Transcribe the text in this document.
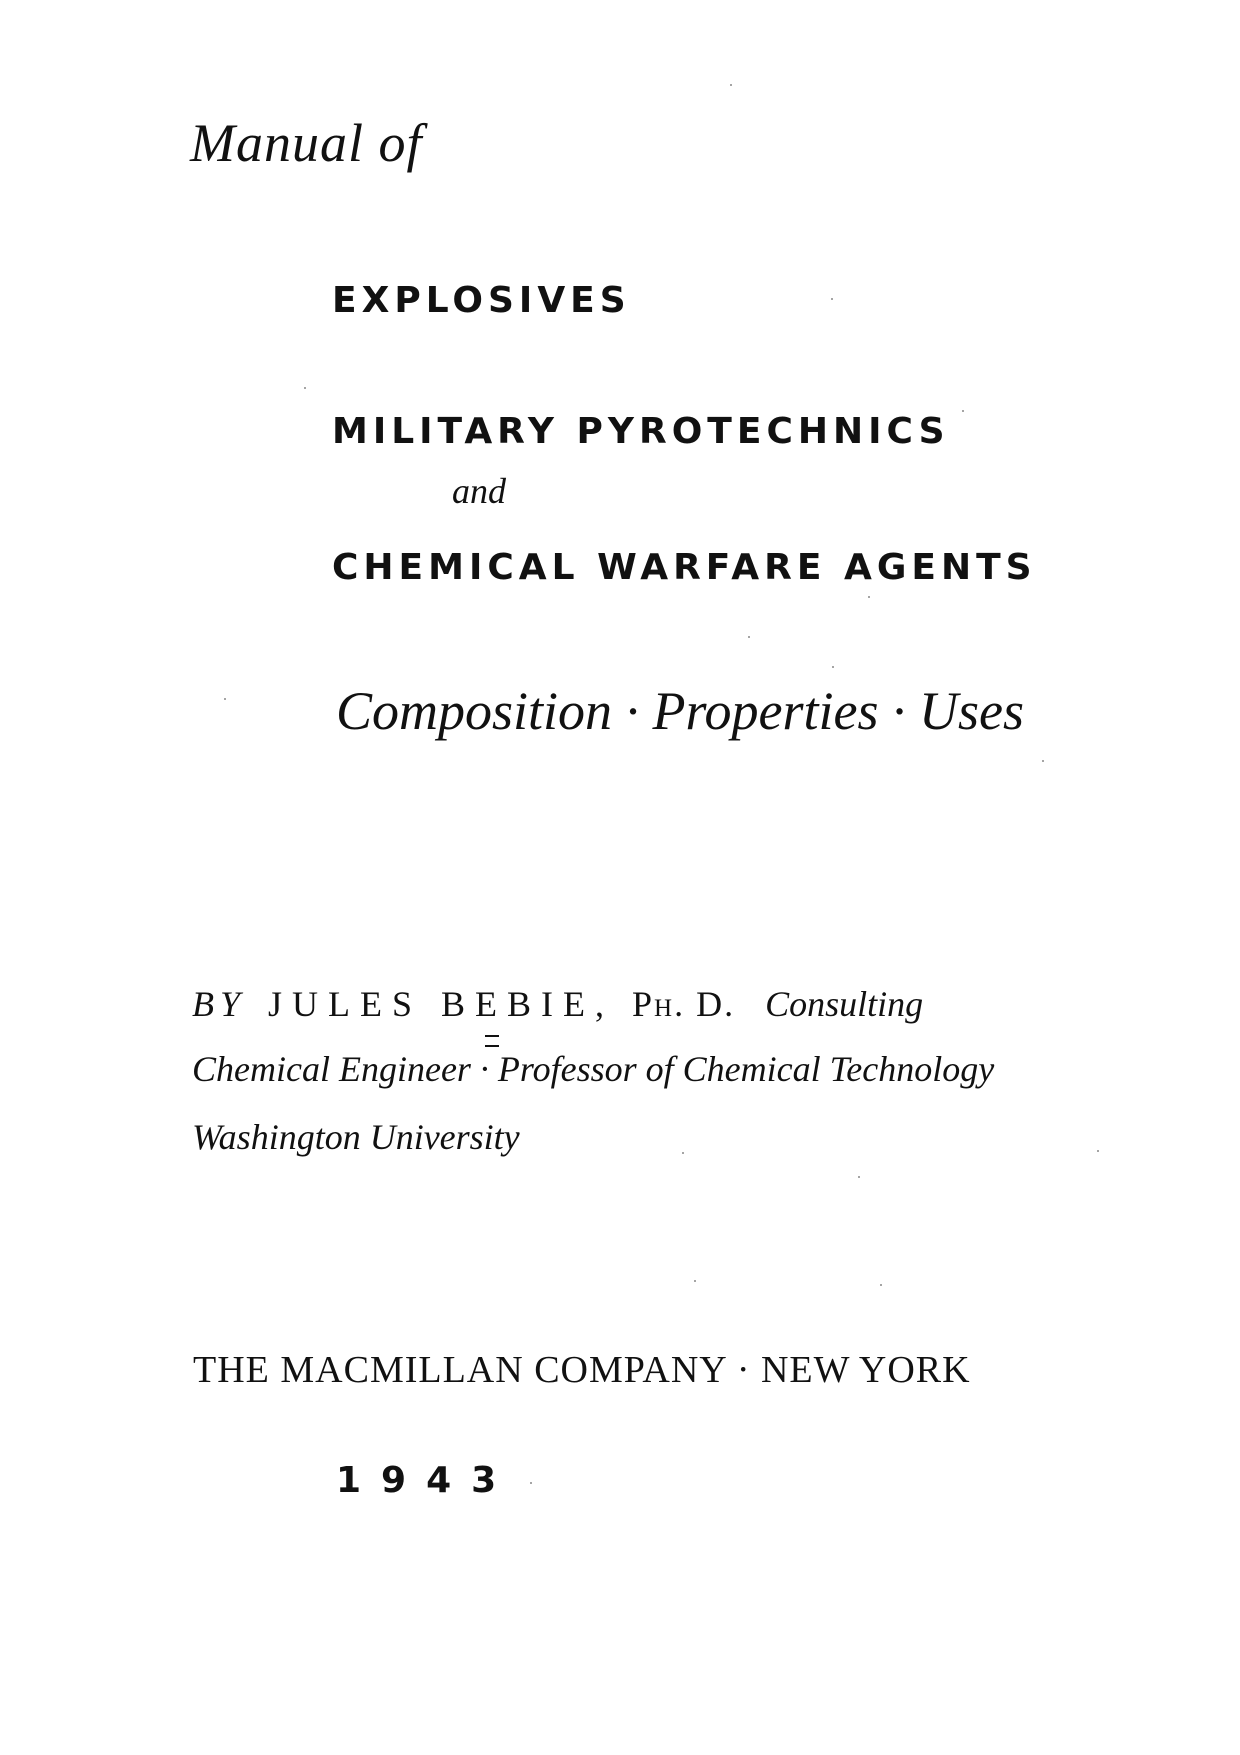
Manual of
EXPLOSIVES
MILITARY PYROTECHNICS
and
CHEMICAL WARFARE AGENTS
Composition · Properties · Uses
BY JULES BEBIE, Ph. D. Consulting
Chemical Engineer · Professor of Chemical Technology
Washington University
THE MACMILLAN COMPANY · NEW YORK
1943
